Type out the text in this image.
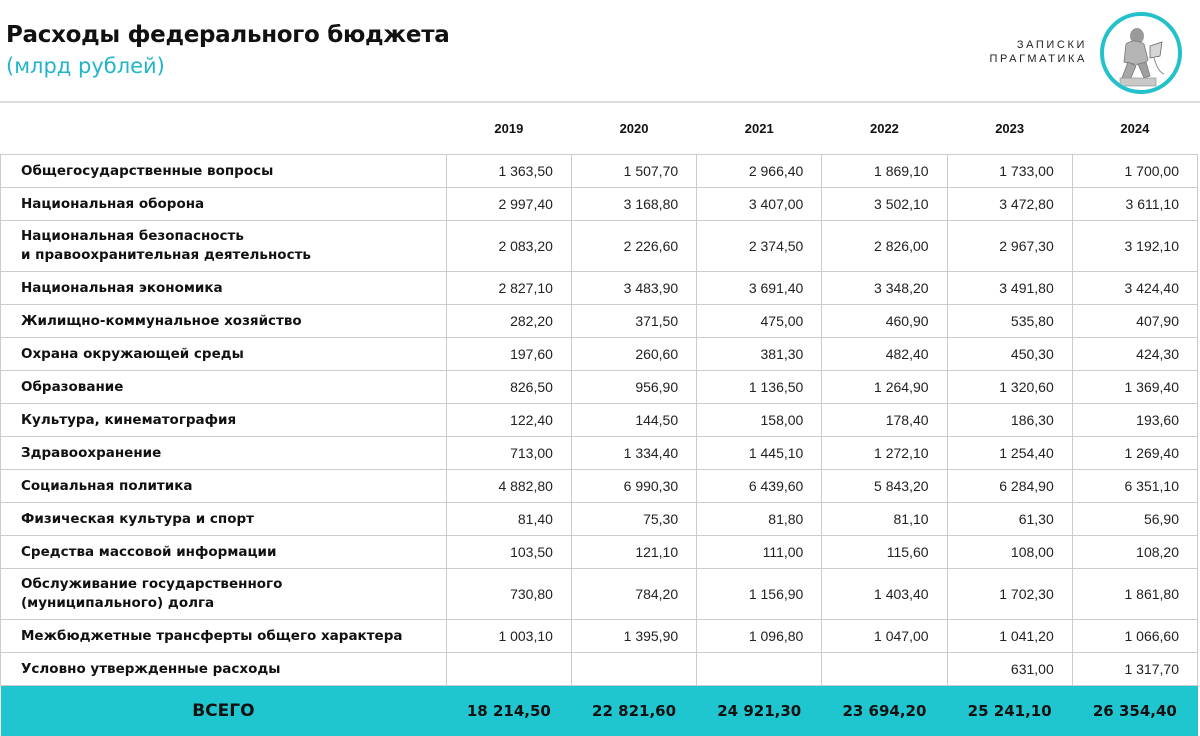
Расходы федерального бюджета
(млрд рублей)
ЗАПИСКИ
ПРАГМАТИКА
	2019	2020	2021	2022	2023	2024
Общегосударственные вопросы	1 363,50	1 507,70	2 966,40	1 869,10	1 733,00	1 700,00
Национальная оборона	2 997,40	3 168,80	3 407,00	3 502,10	3 472,80	3 611,10

Национальная безопасность
и правоохранительная деятельность	2 083,20	2 226,60	2 374,50	2 826,00	2 967,30	3 192,10
Национальная экономика	2 827,10	3 483,90	3 691,40	3 348,20	3 491,80	3 424,40
Жилищно-коммунальное хозяйство	282,20	371,50	475,00	460,90	535,80	407,90
Охрана окружающей среды	197,60	260,60	381,30	482,40	450,30	424,30
Образование	826,50	956,90	1 136,50	1 264,90	1 320,60	1 369,40
Культура, кинематография	122,40	144,50	158,00	178,40	186,30	193,60
Здравоохранение	713,00	1 334,40	1 445,10	1 272,10	1 254,40	1 269,40
Социальная политика	4 882,80	6 990,30	6 439,60	5 843,20	6 284,90	6 351,10
Физическая культура и спорт	81,40	75,30	81,80	81,10	61,30	56,90
Средства массовой информации	103,50	121,10	111,00	115,60	108,00	108,20

Обслуживание государственного
(муниципального) долга	730,80	784,20	1 156,90	1 403,40	1 702,30	1 861,80
Межбюджетные трансферты общего характера	1 003,10	1 395,90	1 096,80	1 047,00	1 041,20	1 066,60
Условно утвержденные расходы					631,00	1 317,70
ВСЕГО	18 214,50	22 821,60	24 921,30	23 694,20	25 241,10	26 354,40
